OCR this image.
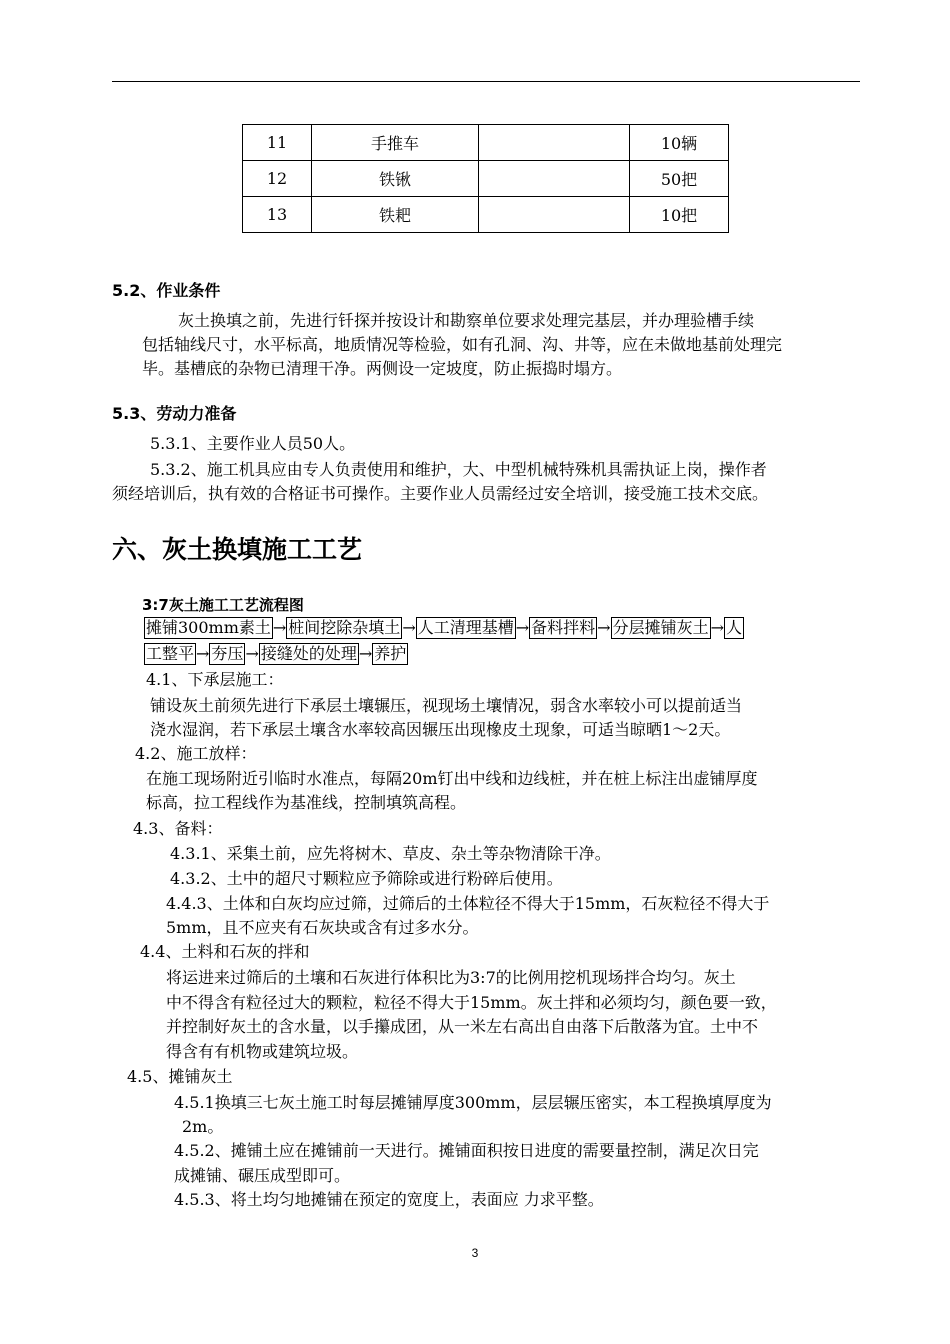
11	手推车		10辆
12	铁锹		50把
13	铁耙		10把
5.2、作业条件
灰土换填之前，先进行钎探并按设计和勘察单位要求处理完基层，并办理验槽手续
包括轴线尺寸，水平标高，地质情况等检验，如有孔洞、沟、井等，应在未做地基前处理完
毕。基槽底的杂物已清理干净。两侧设一定坡度，防止振捣时塌方。
5.3、劳动力准备
5.3.1、主要作业人员50人。
5.3.2、施工机具应由专人负责使用和维护，大、中型机械特殊机具需执证上岗，操作者
须经培训后，执有效的合格证书可操作。主要作业人员需经过安全培训，接受施工技术交底。
六、灰土换填施工工艺
3:7灰土施工工艺流程图
摊铺300mm素土 → 桩间挖除杂填土 → 人工清理基槽 → 备料拌料 → 分层摊铺灰土 → 人
工整平 → 夯压 → 接缝处的处理 → 养护
4.1、下承层施工：
铺设灰土前须先进行下承层土壤辗压，视现场土壤情况，弱含水率较小可以提前适当
浇水湿润，若下承层土壤含水率较高因辗压出现橡皮土现象，可适当晾晒1～2天。
4.2、施工放样：
在施工现场附近引临时水准点，每隔20m钉出中线和边线桩，并在桩上标注出虚铺厚度
标高，拉工程线作为基准线，控制填筑高程。
4.3、备料：
4.3.1、采集土前，应先将树木、草皮、杂土等杂物清除干净。
4.3.2、土中的超尺寸颗粒应予筛除或进行粉碎后使用。
4.4.3、土体和白灰均应过筛，过筛后的土体粒径不得大于15mm，石灰粒径不得大于
5mm，且不应夹有石灰块或含有过多水分。
4.4、土料和石灰的拌和
将运进来过筛后的土壤和石灰进行体积比为3:7的比例用挖机现场拌合均匀。灰土
中不得含有粒径过大的颗粒，粒径不得大于15mm。灰土拌和必须均匀，颜色要一致，
并控制好灰土的含水量，以手攥成团，从一米左右高出自由落下后散落为宜。土中不
得含有有机物或建筑垃圾。
4.5、摊铺灰土
4.5.1换填三七灰土施工时每层摊铺厚度300mm，层层辗压密实，本工程换填厚度为
2m。
4.5.2、摊铺土应在摊铺前一天进行。摊铺面积按日进度的需要量控制，满足次日完
成摊铺、碾压成型即可。
4.5.3、将土均匀地摊铺在预定的宽度上，表面应 力求平整。
3
